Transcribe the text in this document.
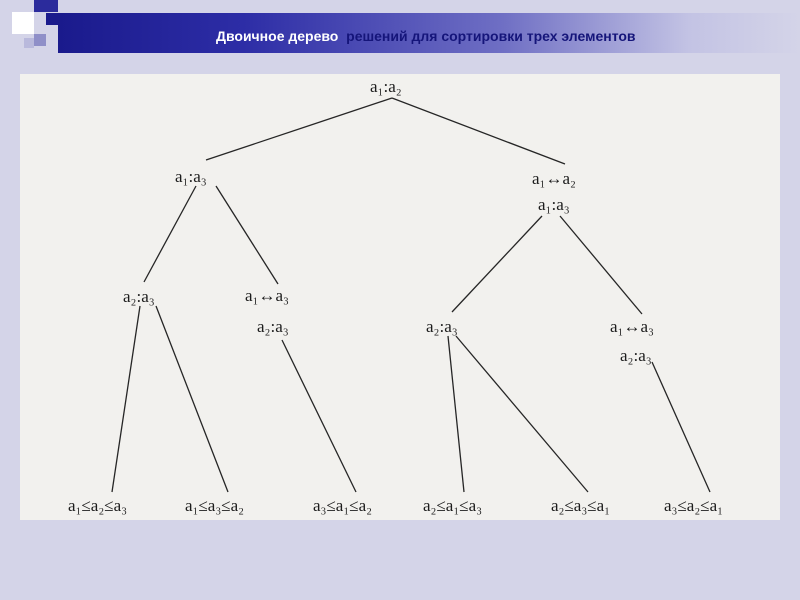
Двоичное дерево решений для сортировки трех элементов
a₁:a₂
a₁:a₃	a₁↔a₂
a₁:a₃
a₂:a₃	a₁↔a₃
a₂:a₃	a₂:a₃	a₁↔a₃
a₂:a₃
a₁≤a₂≤a₃	a₁≤a₃≤a₂	a₃≤a₁≤a₂	a₂≤a₁≤a₃	a₂≤a₃≤a₁	a₃≤a₂≤a₁
